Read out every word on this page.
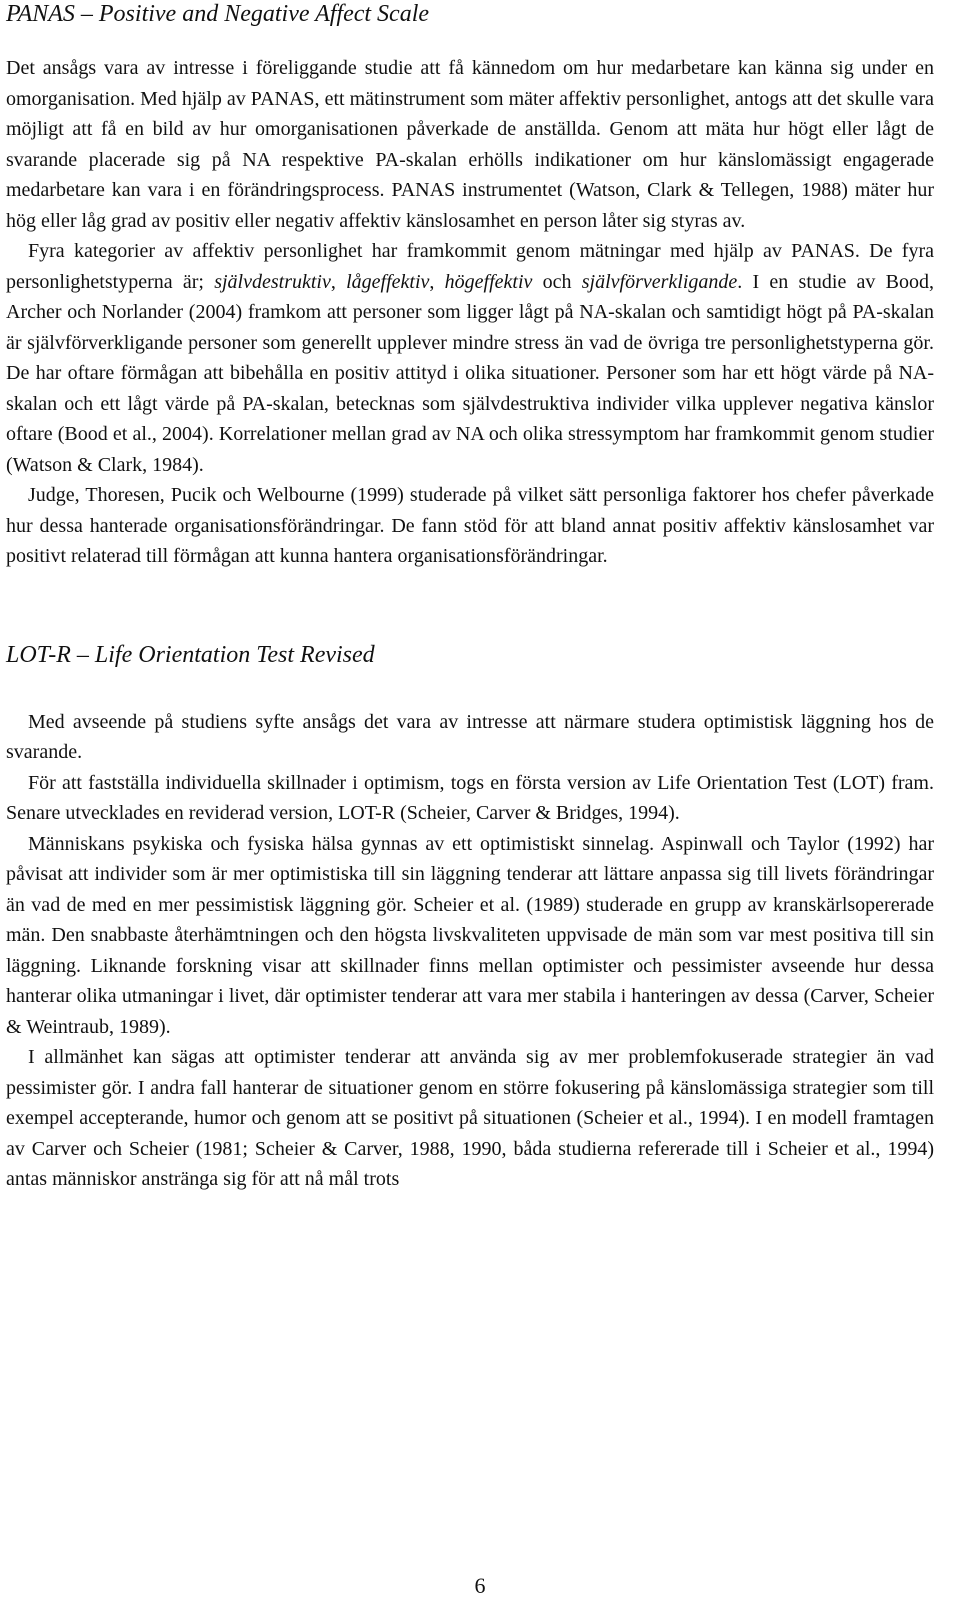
PANAS – Positive and Negative Affect Scale

Det ansågs vara av intresse i föreliggande studie att få kännedom om hur medarbetare kan känna sig under en omorganisation. Med hjälp av PANAS, ett mätinstrument som mäter affektiv personlighet, antogs att det skulle vara möjligt att få en bild av hur omorganisationen påverkade de anställda. Genom att mäta hur högt eller lågt de svarande placerade sig på NA respektive PA-skalan erhölls indikationer om hur känslomässigt engagerade medarbetare kan vara i en förändringsprocess. PANAS instrumentet (Watson, Clark & Tellegen, 1988) mäter hur hög eller låg grad av positiv eller negativ affektiv känslosamhet en person låter sig styras av.

Fyra kategorier av affektiv personlighet har framkommit genom mätningar med hjälp av PANAS. De fyra personlighetstyperna är; självdestruktiv, lågeffektiv, högeffektiv och självförverkligande. I en studie av Bood, Archer och Norlander (2004) framkom att personer som ligger lågt på NA-skalan och samtidigt högt på PA-skalan är självförverkligande personer som generellt upplever mindre stress än vad de övriga tre personlighetstyperna gör. De har oftare förmågan att bibehålla en positiv attityd i olika situationer. Personer som har ett högt värde på NA-skalan och ett lågt värde på PA-skalan, betecknas som självdestruktiva individer vilka upplever negativa känslor oftare (Bood et al., 2004). Korrelationer mellan grad av NA och olika stressymptom har framkommit genom studier (Watson & Clark, 1984).

Judge, Thoresen, Pucik och Welbourne (1999) studerade på vilket sätt personliga faktorer hos chefer påverkade hur dessa hanterade organisationsförändringar. De fann stöd för att bland annat positiv affektiv känslosamhet var positivt relaterad till förmågan att kunna hantera organisationsförändringar.

LOT-R – Life Orientation Test Revised

Med avseende på studiens syfte ansågs det vara av intresse att närmare studera optimistisk läggning hos de svarande.

För att fastställa individuella skillnader i optimism, togs en första version av Life Orientation Test (LOT) fram. Senare utvecklades en reviderad version, LOT-R (Scheier, Carver & Bridges, 1994).

Människans psykiska och fysiska hälsa gynnas av ett optimistiskt sinnelag. Aspinwall och Taylor (1992) har påvisat att individer som är mer optimistiska till sin läggning tenderar att lättare anpassa sig till livets förändringar än vad de med en mer pessimistisk läggning gör. Scheier et al. (1989) studerade en grupp av kranskärlsopererade män. Den snabbaste återhämtningen och den högsta livskvaliteten uppvisade de män som var mest positiva till sin läggning. Liknande forskning visar att skillnader finns mellan optimister och pessimister avseende hur dessa hanterar olika utmaningar i livet, där optimister tenderar att vara mer stabila i hanteringen av dessa (Carver, Scheier & Weintraub, 1989).

I allmänhet kan sägas att optimister tenderar att använda sig av mer problemfokuserade strategier än vad pessimister gör. I andra fall hanterar de situationer genom en större fokusering på känslomässiga strategier som till exempel accepterande, humor och genom att se positivt på situationen (Scheier et al., 1994). I en modell framtagen av Carver och Scheier (1981; Scheier & Carver, 1988, 1990, båda studierna refererade till i Scheier et al., 1994) antas människor anstränga sig för att nå mål trots

6
